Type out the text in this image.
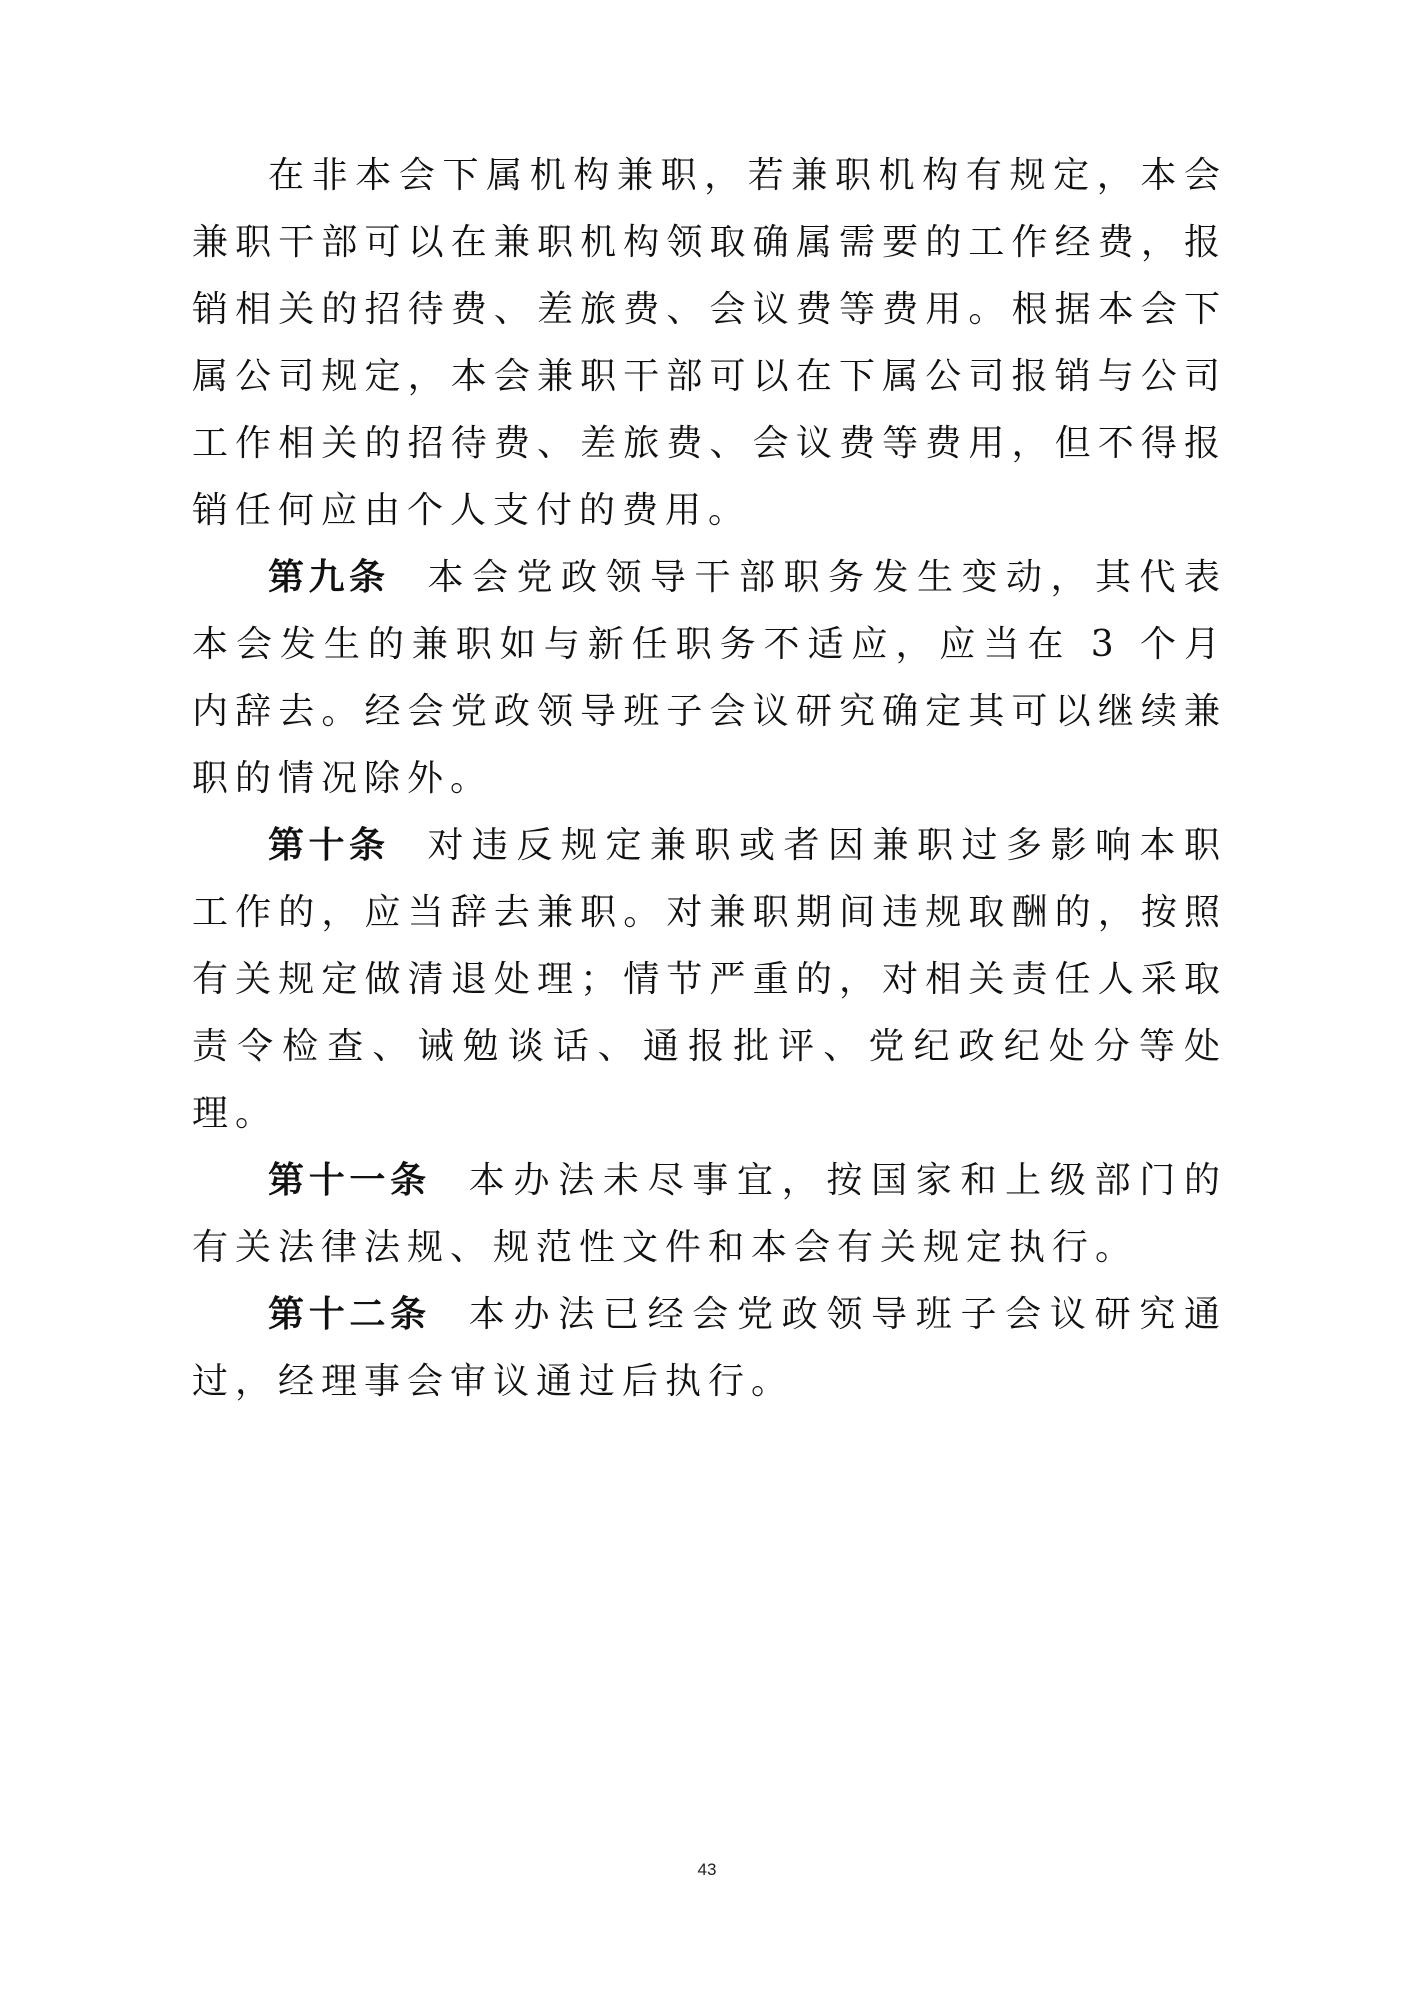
在非本会下属机构兼职，若兼职机构有规定，本会兼职干部可以在兼职机构领取确属需要的工作经费，报销相关的招待费、差旅费、会议费等费用。根据本会下属公司规定，本会兼职干部可以在下属公司报销与公司工作相关的招待费、差旅费、会议费等费用，但不得报销任何应由个人支付的费用。

第九条 本会党政领导干部职务发生变动，其代表本会发生的兼职如与新任职务不适应，应当在 3 个月内辞去。经会党政领导班子会议研究确定其可以继续兼职的情况除外。

第十条 对违反规定兼职或者因兼职过多影响本职工作的，应当辞去兼职。对兼职期间违规取酬的，按照有关规定做清退处理；情节严重的，对相关责任人采取责令检查、诫勉谈话、通报批评、党纪政纪处分等处理。

第十一条 本办法未尽事宜，按国家和上级部门的有关法律法规、规范性文件和本会有关规定执行。

第十二条 本办法已经会党政领导班子会议研究通过，经理事会审议通过后执行。

43
